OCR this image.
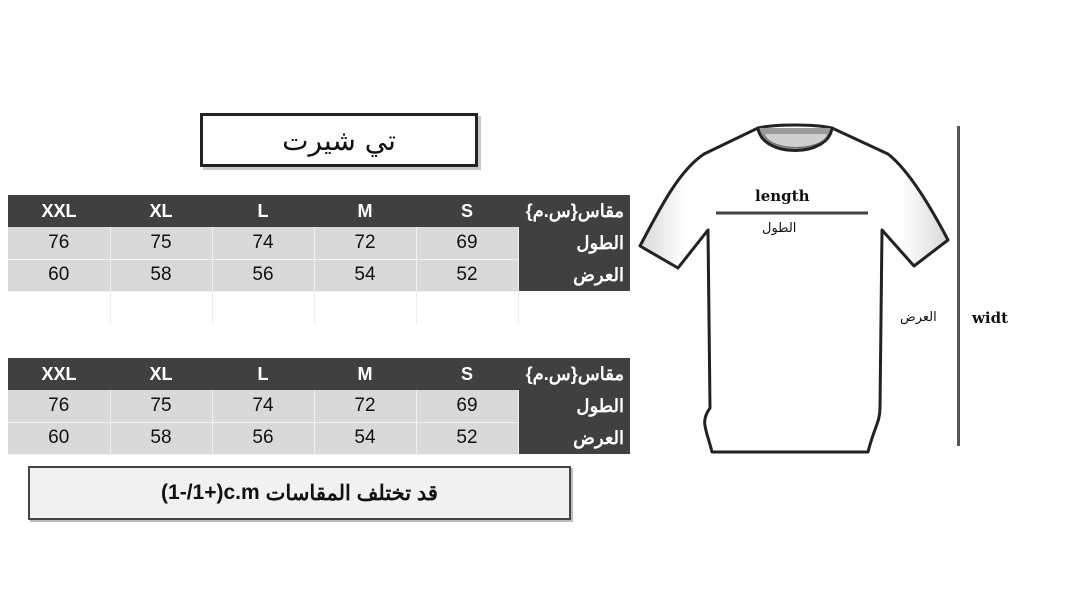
تي شيرت
XXL	XL	L	M	S	مقاس{س.م}
76	75	74	72	69	الطول
60	58	56	54	52	العرض

XXL	XL	L	M	S	مقاس{س.م}
76	75	74	72	69	الطول
60	58	56	54	52	العرض
قد تختلف المقاسات
(1-/1+)c.m
length
الطول
العرض widt
